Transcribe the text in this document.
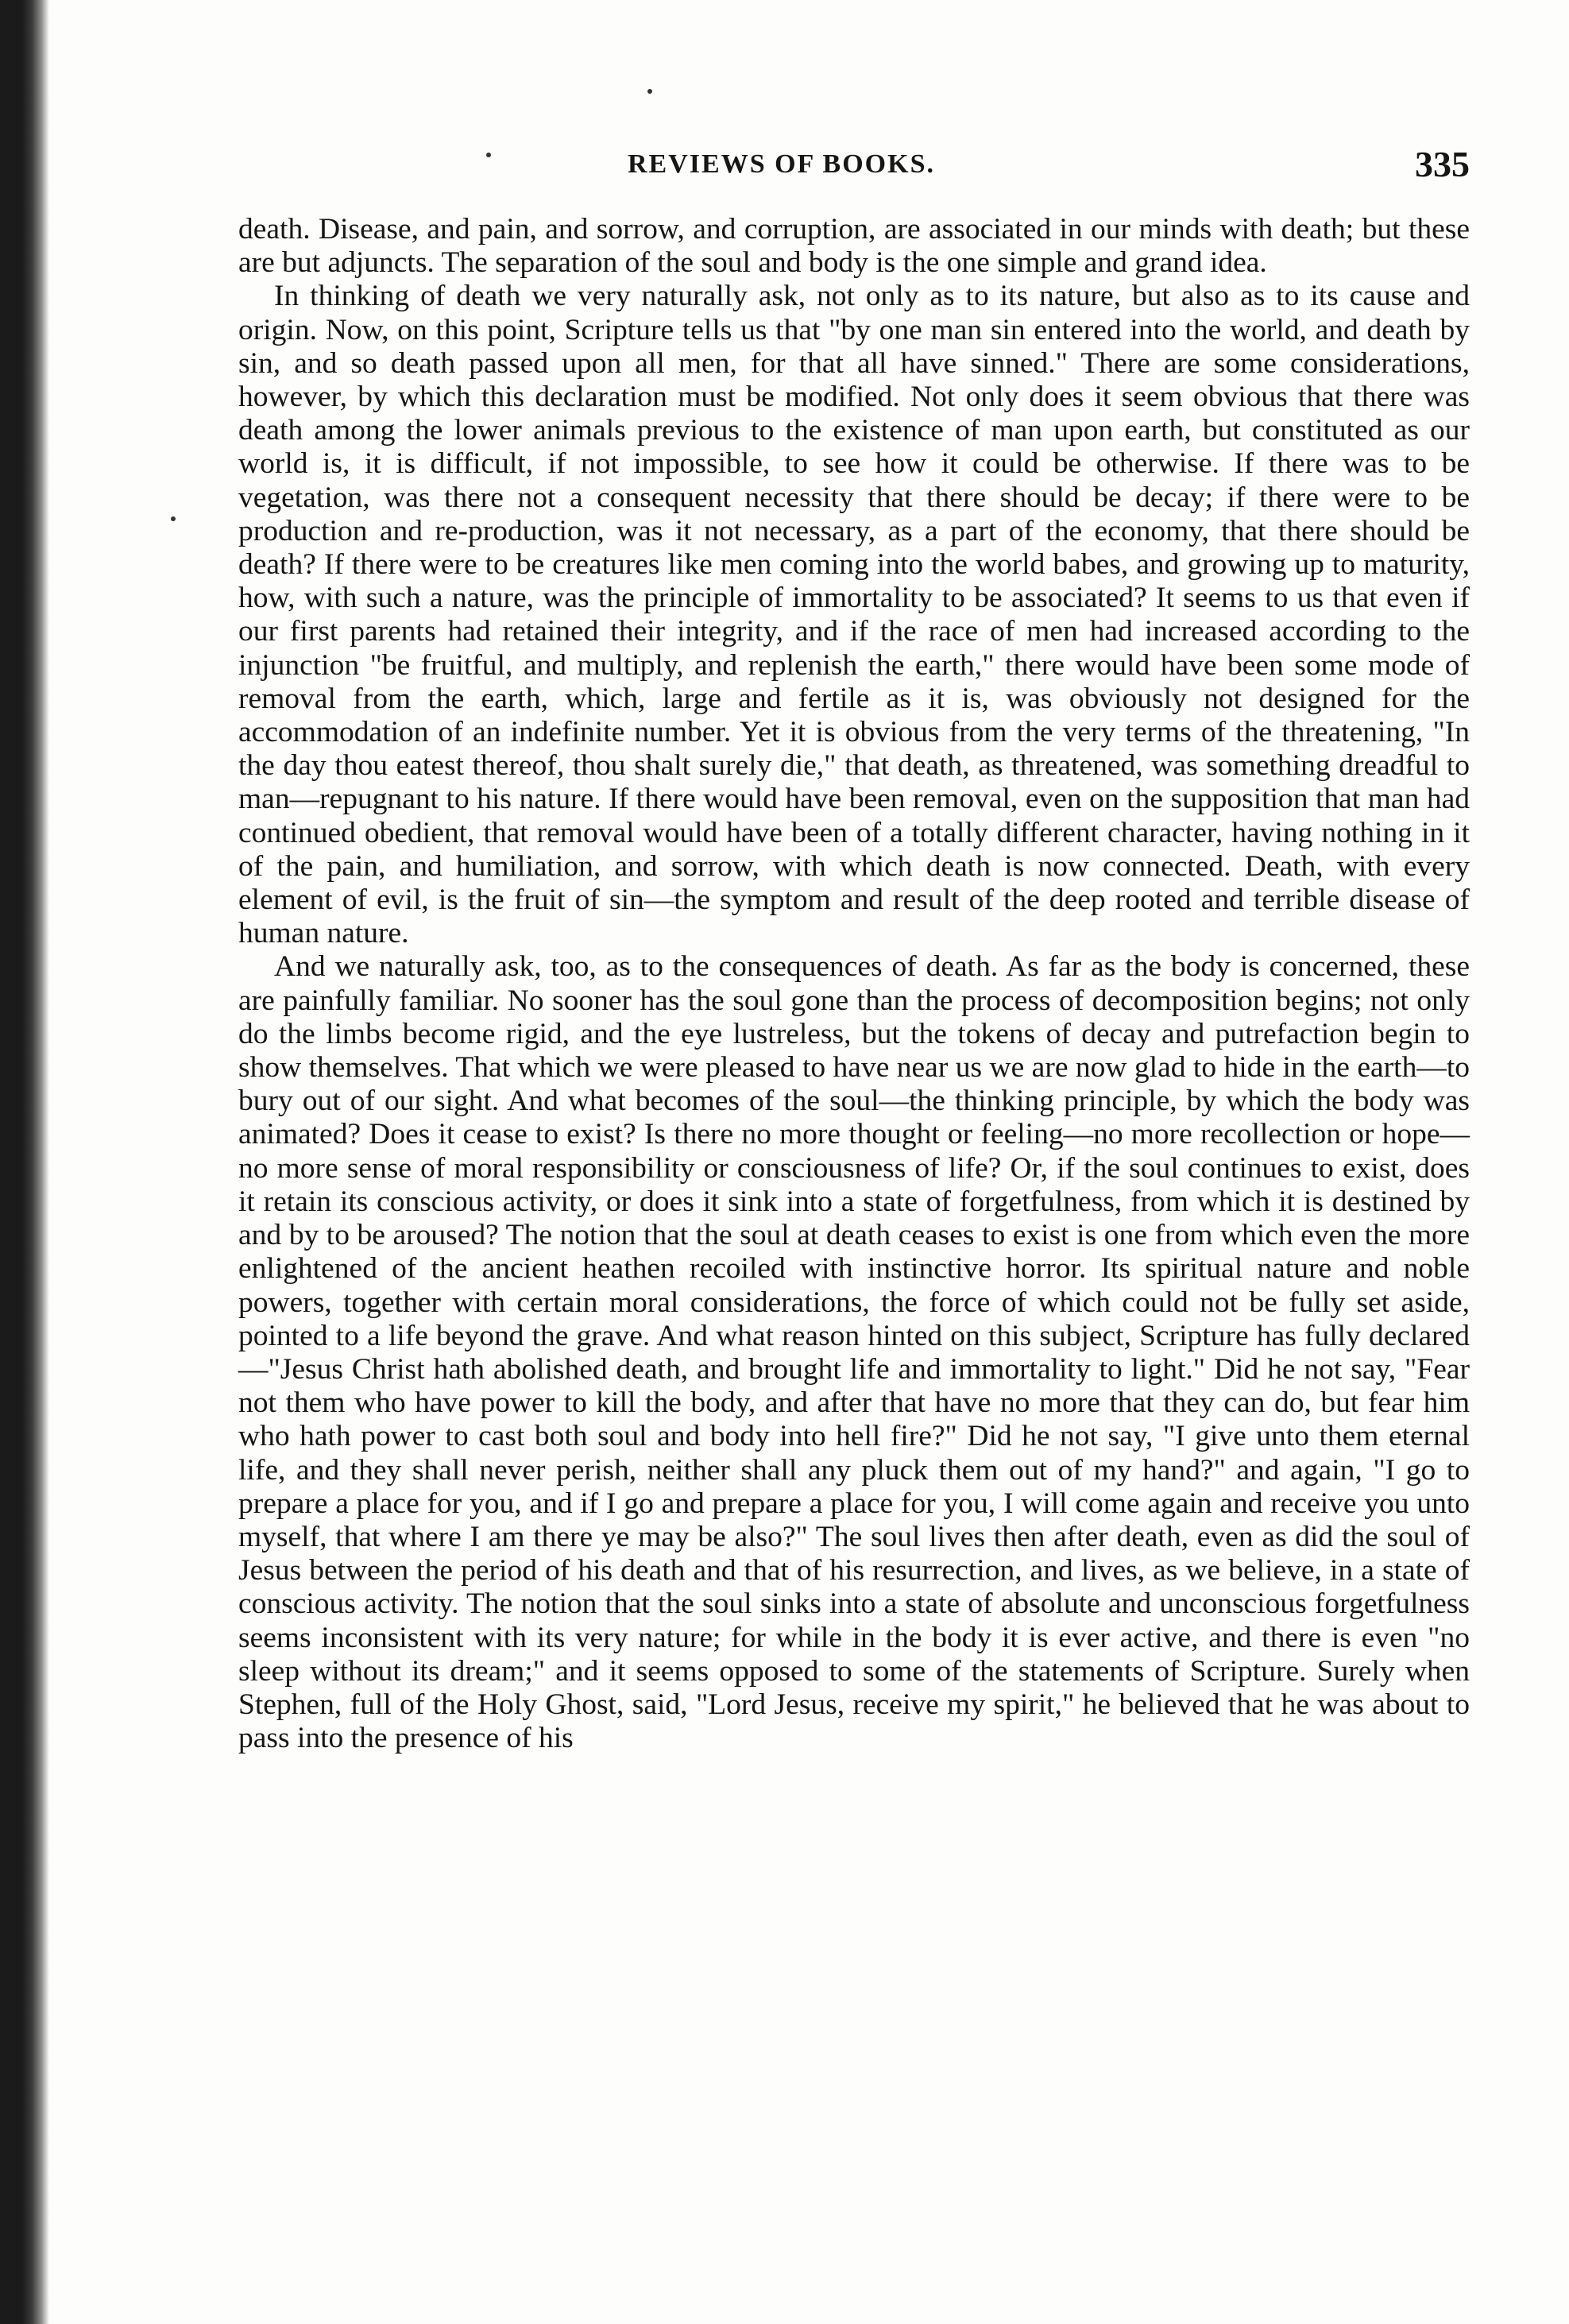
REVIEWS OF BOOKS.	335

death. Disease, and pain, and sorrow, and corruption, are associated in our minds with death; but these are but adjuncts. The separation of the soul and body is the one simple and grand idea.

In thinking of death we very naturally ask, not only as to its nature, but also as to its cause and origin. Now, on this point, Scripture tells us that "by one man sin entered into the world, and death by sin, and so death passed upon all men, for that all have sinned." There are some considerations, however, by which this declaration must be modified. Not only does it seem obvious that there was death among the lower animals previous to the existence of man upon earth, but constituted as our world is, it is difficult, if not impossible, to see how it could be otherwise. If there was to be vegetation, was there not a consequent necessity that there should be decay; if there were to be production and re-production, was it not necessary, as a part of the economy, that there should be death? If there were to be creatures like men coming into the world babes, and growing up to maturity, how, with such a nature, was the principle of immortality to be associated? It seems to us that even if our first parents had retained their integrity, and if the race of men had increased according to the injunction "be fruitful, and multiply, and replenish the earth," there would have been some mode of removal from the earth, which, large and fertile as it is, was obviously not designed for the accommodation of an indefinite number. Yet it is obvious from the very terms of the threatening, "In the day thou eatest thereof, thou shalt surely die," that death, as threatened, was something dreadful to man—repugnant to his nature. If there would have been removal, even on the supposition that man had continued obedient, that removal would have been of a totally different character, having nothing in it of the pain, and humiliation, and sorrow, with which death is now connected. Death, with every element of evil, is the fruit of sin—the symptom and result of the deep rooted and terrible disease of human nature.

And we naturally ask, too, as to the consequences of death. As far as the body is concerned, these are painfully familiar. No sooner has the soul gone than the process of decomposition begins; not only do the limbs become rigid, and the eye lustreless, but the tokens of decay and putrefaction begin to show themselves. That which we were pleased to have near us we are now glad to hide in the earth—to bury out of our sight. And what becomes of the soul—the thinking principle, by which the body was animated? Does it cease to exist? Is there no more thought or feeling—no more recollection or hope—no more sense of moral responsibility or consciousness of life? Or, if the soul continues to exist, does it retain its conscious activity, or does it sink into a state of forgetfulness, from which it is destined by and by to be aroused? The notion that the soul at death ceases to exist is one from which even the more enlightened of the ancient heathen recoiled with instinctive horror. Its spiritual nature and noble powers, together with certain moral considerations, the force of which could not be fully set aside, pointed to a life beyond the grave. And what reason hinted on this subject, Scripture has fully declared—"Jesus Christ hath abolished death, and brought life and immortality to light." Did he not say, "Fear not them who have power to kill the body, and after that have no more that they can do, but fear him who hath power to cast both soul and body into hell fire?" Did he not say, "I give unto them eternal life, and they shall never perish, neither shall any pluck them out of my hand?" and again, "I go to prepare a place for you, and if I go and prepare a place for you, I will come again and receive you unto myself, that where I am there ye may be also?" The soul lives then after death, even as did the soul of Jesus between the period of his death and that of his resurrection, and lives, as we believe, in a state of conscious activity. The notion that the soul sinks into a state of absolute and unconscious forgetfulness seems inconsistent with its very nature; for while in the body it is ever active, and there is even "no sleep without its dream;" and it seems opposed to some of the statements of Scripture. Surely when Stephen, full of the Holy Ghost, said, "Lord Jesus, receive my spirit," he believed that he was about to pass into the presence of his
